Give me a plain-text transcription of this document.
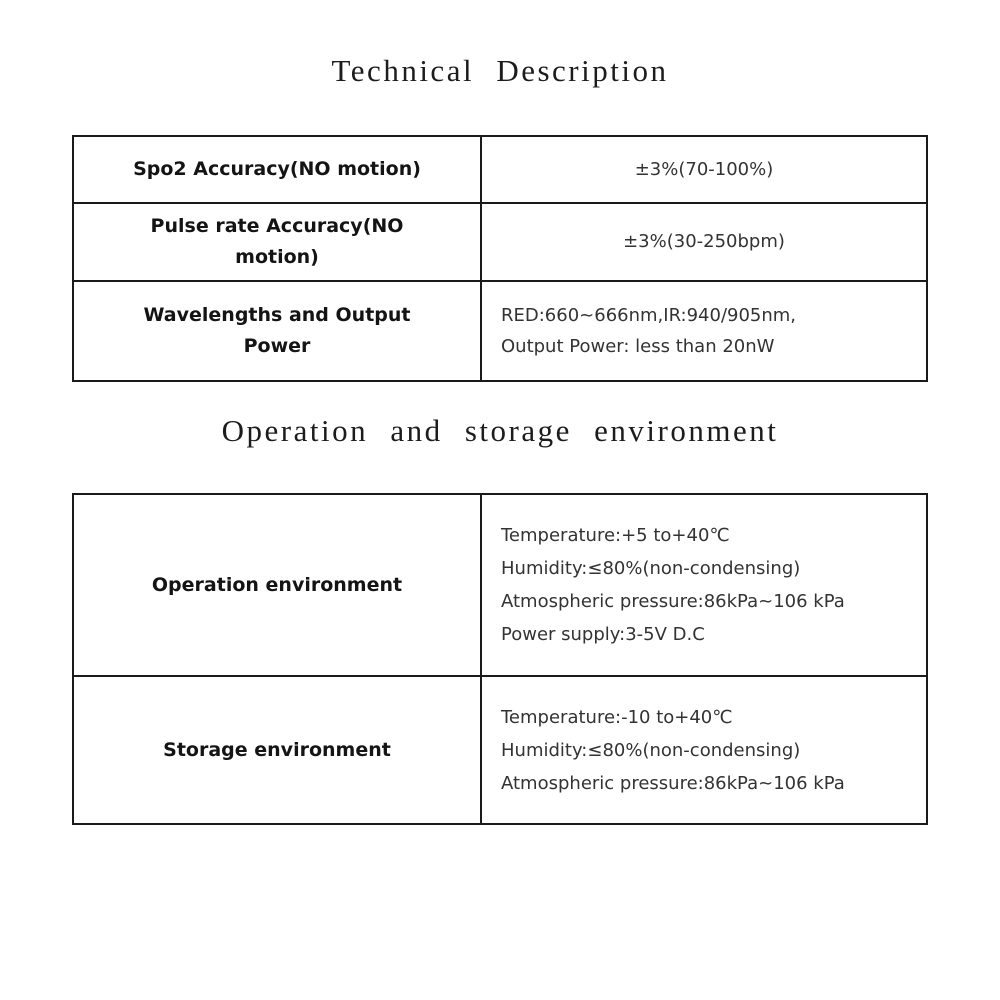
Technical Description
Spo2 Accuracy(NO motion)	±3%(70-100%)
Pulse rate Accuracy(NO
motion)
±3%(30-250bpm)
Wavelengths and Output
Power
RED:660~666nm,IR:940/905nm,
Output Power: less than 20nW
Operation and storage environment
Operation environment
Temperature:+5 to+40℃
Humidity:≤80%(non-condensing)
Atmospheric pressure:86kPa~106 kPa
Power supply:3-5V D.C
Storage environment
Temperature:-10 to+40℃
Humidity:≤80%(non-condensing)
Atmospheric pressure:86kPa~106 kPa
